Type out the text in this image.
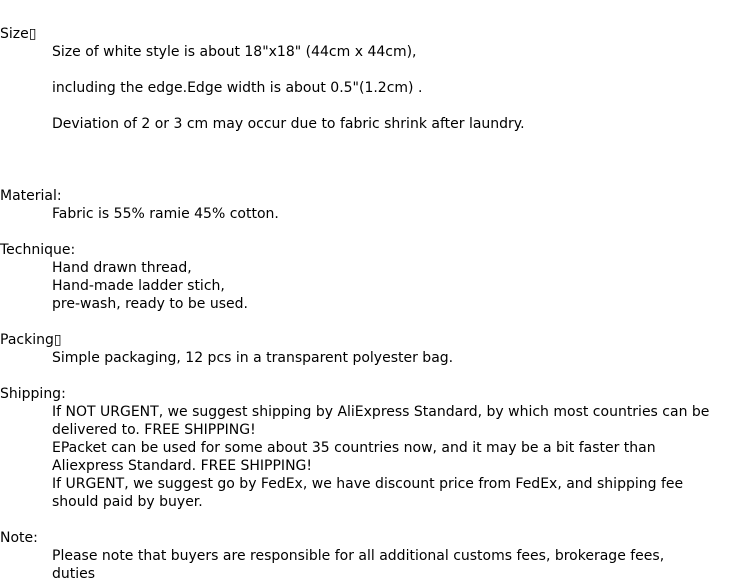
Size▯
Size of white style is about 18"x18" (44cm x 44cm),
including the edge.Edge width is about 0.5"(1.2cm) .
Deviation of 2 or 3 cm may occur due to fabric shrink after laundry.
Material:
Fabric is 55% ramie 45% cotton.
Technique:
Hand drawn thread,
Hand-made ladder stich,
pre-wash, ready to be used.
Packing▯
Simple packaging, 12 pcs in a transparent polyester bag.
Shipping:
If NOT URGENT, we suggest shipping by AliExpress Standard, by which most countries can be
delivered to. FREE SHIPPING!
EPacket can be used for some about 35 countries now, and it may be a bit faster than
Aliexpress Standard. FREE SHIPPING!
If URGENT, we suggest go by FedEx, we have discount price from FedEx, and shipping fee
should paid by buyer.
Note:
Please note that buyers are responsible for all additional customs fees, brokerage fees,
duties
